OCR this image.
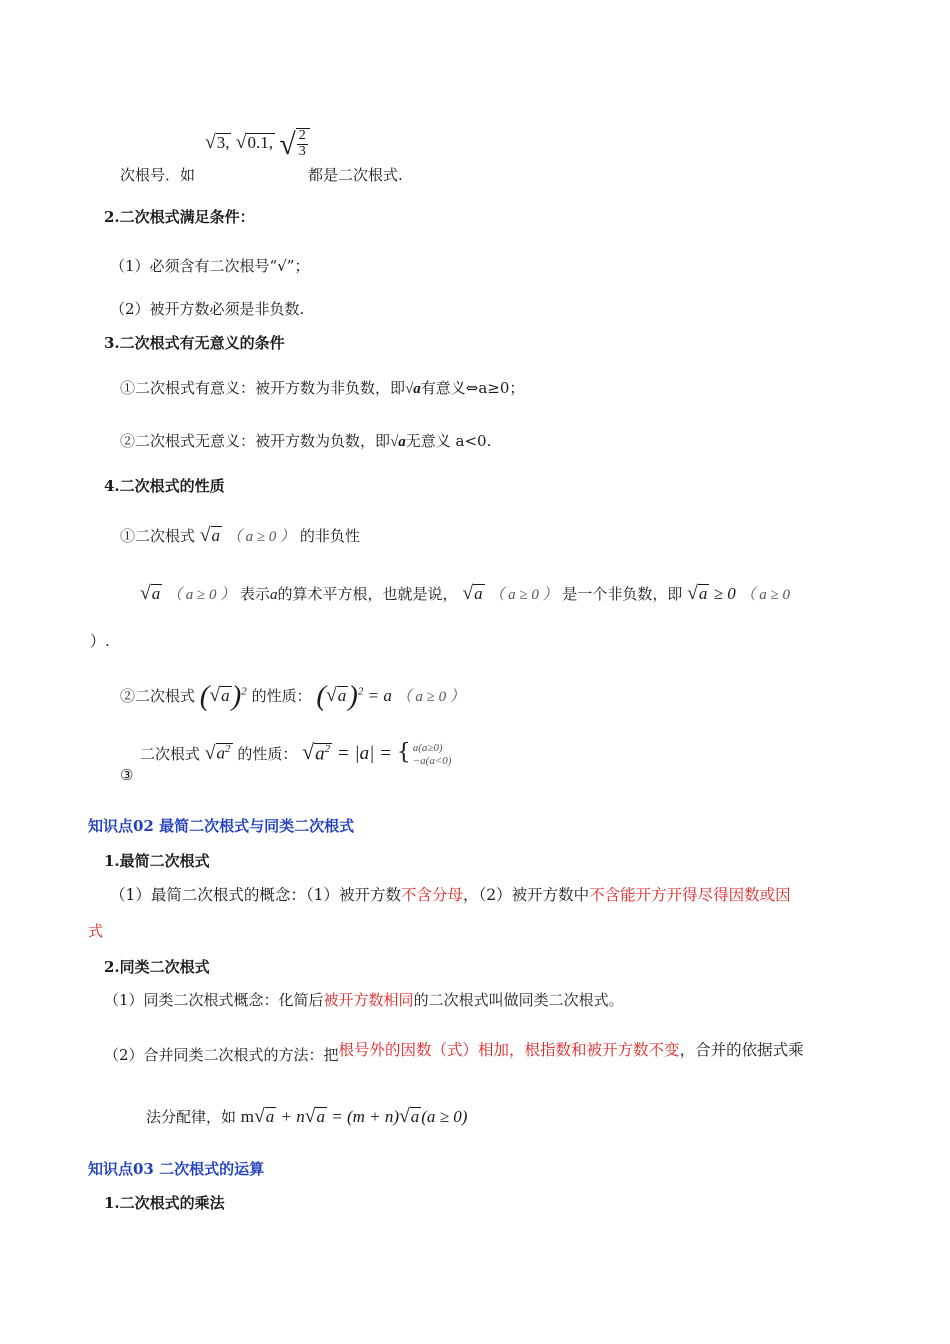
次根号．如
√3, √0.1, √ $\frac{2}{3}$
都是二次根式.
2.二次根式满足条件：
（1）必须含有二次根号“√”；
（2）被开方数必须是非负数.
3.二次根式有无意义的条件
①二次根式有意义：被开方数为非负数，即√a有意义⇔a≥0；
②二次根式无意义：被开方数为负数，即√a无意义 a<0.
4.二次根式的性质
①二次根式 √a （ a ≥ 0 ） 的非负性
√a （ a ≥ 0 ） 表示a的算术平方根，也就是说， √a （ a ≥ 0 ） 是一个非负数，即 √a ≥ 0 （ a ≥ 0
）.
②二次根式 $(√a)^2$ 的性质： $(√a)^2 = a$ （ a ≥ 0 ）
③
二次根式 $√a^2$ 的性质： $√a^2 = |a|$ = { a(a≥0)
−a(a<0)
知识点02 最简二次根式与同类二次根式
1.最简二次根式
（1）最简二次根式的概念：（1）被开方数不含分母，（2）被开方数中不含能开方开得尽得因数或因
式
2.同类二次根式
（1）同类二次根式概念：化简后被开方数相同的二次根式叫做同类二次根式。
（2）合并同类二次根式的方法：把根号外的因数（式）相加，根指数和被开方数不变，合并的依据式乘
法分配律，如 m√a + n√a = (m + n)√a (a ≥ 0)
知识点03 二次根式的运算
1.二次根式的乘法
